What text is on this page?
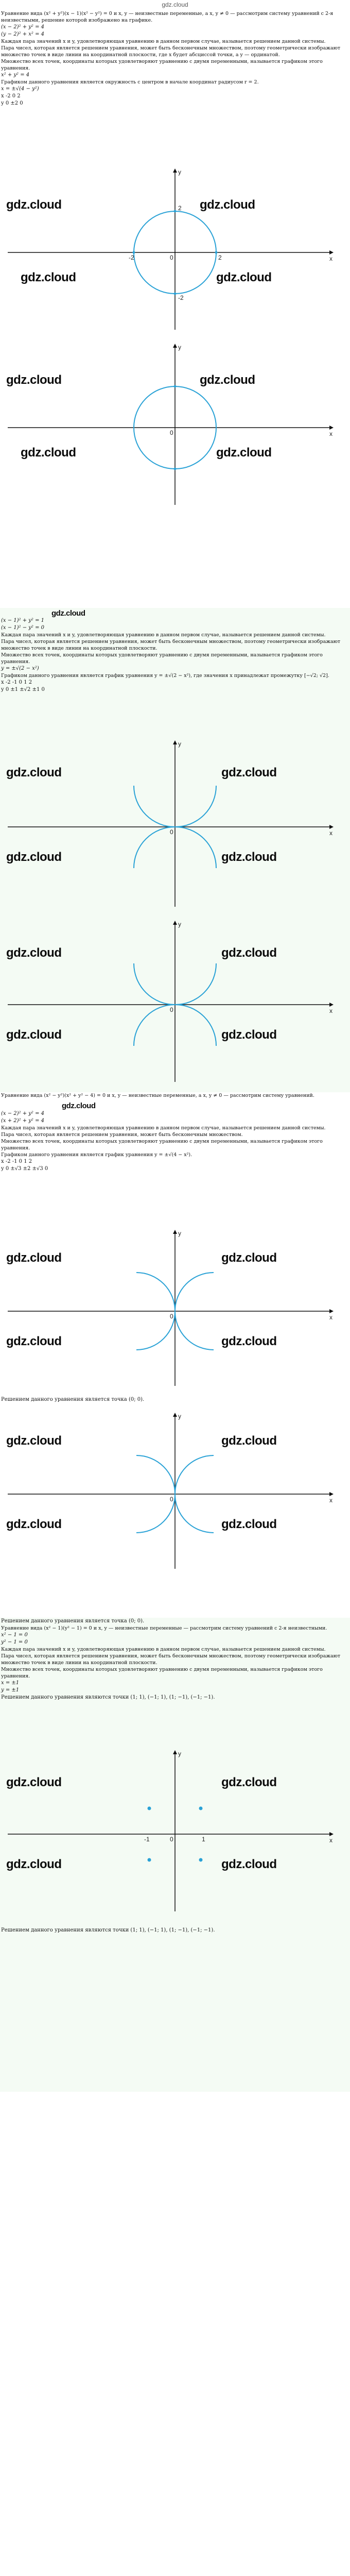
gdz.cloud

Уравнение вида (x² + y²)(x − 1)(x² − y²) = 0 и x, y — неизвестные переменные, а x, y ≠ 0 — рассмотрим систему уравнений с 2-я неизвестными, решение которой изображено на графике.

(x − 2)² + y² = 4

(y − 2)² + x² = 4

Каждая пара значений x и y, удовлетворяющая уравнению в данном первом случае, называется решением данной системы.

Пара чисел, которая является решением уравнения, может быть бесконечным множеством, поэтому геометрически изображают множество точек в виде линии на координатной плоскости, где x будет абсциссой точки, а y — ординатой.

Множество всех точек, координаты которых удовлетворяют уравнению с двумя переменными, называется графиком этого уравнения.

x² + y² = 4

Графиком данного уравнения является окружность с центром в начале координат радиусом r = 2.

x = ±√(4 − y²)

x -2 0 2

y 0 ±2 0

x
y
0
-2	2
2
-2
gdz.cloud	gdz.cloud
gdz.cloud	gdz.cloud
x
y
0
gdz.cloud	gdz.cloud
gdz.cloud	gdz.cloud
gdz.cloud

(x − 1)² + y² = 1

(x − 1)² − y² = 0

Каждая пара значений x и y, удовлетворяющая уравнению в данном первом случае, называется решением данной системы.

Пара чисел, которая является решением уравнения, может быть бесконечным множеством, поэтому геометрически изображают множество точек в виде линии на координатной плоскости.

Множество всех точек, координаты которых удовлетворяют уравнению с двумя переменными, называется графиком этого уравнения.

y = ±√(2 − x²)

Графиком данного уравнения является график уравнения y = ±√(2 − x²), где значения x принадлежат промежутку [−√2; √2].

x -2 -1 0 1 2

y 0 ±1 ±√2 ±1 0

x
y
0
gdz.cloud	gdz.cloud
gdz.cloud	gdz.cloud
x
y
0
gdz.cloud	gdz.cloud
gdz.cloud	gdz.cloud

Уравнение вида (x² − y²)(x² + y² − 4) = 0 и x, y — неизвестные переменные, а x, y ≠ 0 — рассмотрим систему уравнений.

gdz.cloud

(x − 2)² + y² = 4

(x + 2)² + y² = 4

Каждая пара значений x и y, удовлетворяющая уравнению в данном первом случае, называется решением данной системы.

Пара чисел, которая является решением уравнения, может быть бесконечным множеством.

Множество всех точек, координаты которых удовлетворяют уравнению с двумя переменными, называется графиком этого уравнения.

Графиком данного уравнения является график уравнения y = ±√(4 − x²).

x -2 -1 0 1 2

y 0 ±√3 ±2 ±√3 0

x
y
0
gdz.cloud	gdz.cloud
gdz.cloud	gdz.cloud

Решением данного уравнения является точка (0; 0).

x
y
0
gdz.cloud	gdz.cloud
gdz.cloud	gdz.cloud

Решением данного уравнения является точка (0; 0).

Уравнение вида (x² − 1)(y² − 1) = 0 и x, y — неизвестные переменные — рассмотрим систему уравнений с 2-я неизвестными.

x² − 1 = 0

y² − 1 = 0

Каждая пара значений x и y, удовлетворяющая уравнению в данном первом случае, называется решением данной системы.

Пара чисел, которая является решением уравнения, может быть бесконечным множеством, поэтому геометрически изображают множество точек в виде линии на координатной плоскости.

Множество всех точек, координаты которых удовлетворяют уравнению с двумя переменными, называется графиком этого уравнения.

x = ±1

y = ±1

Решением данного уравнения являются точки (1; 1), (−1; 1), (1; −1), (−1; −1).

x
y
0
-1	1
gdz.cloud	gdz.cloud
gdz.cloud	gdz.cloud

Решением данного уравнения являются точки (1; 1), (−1; 1), (1; −1), (−1; −1).
